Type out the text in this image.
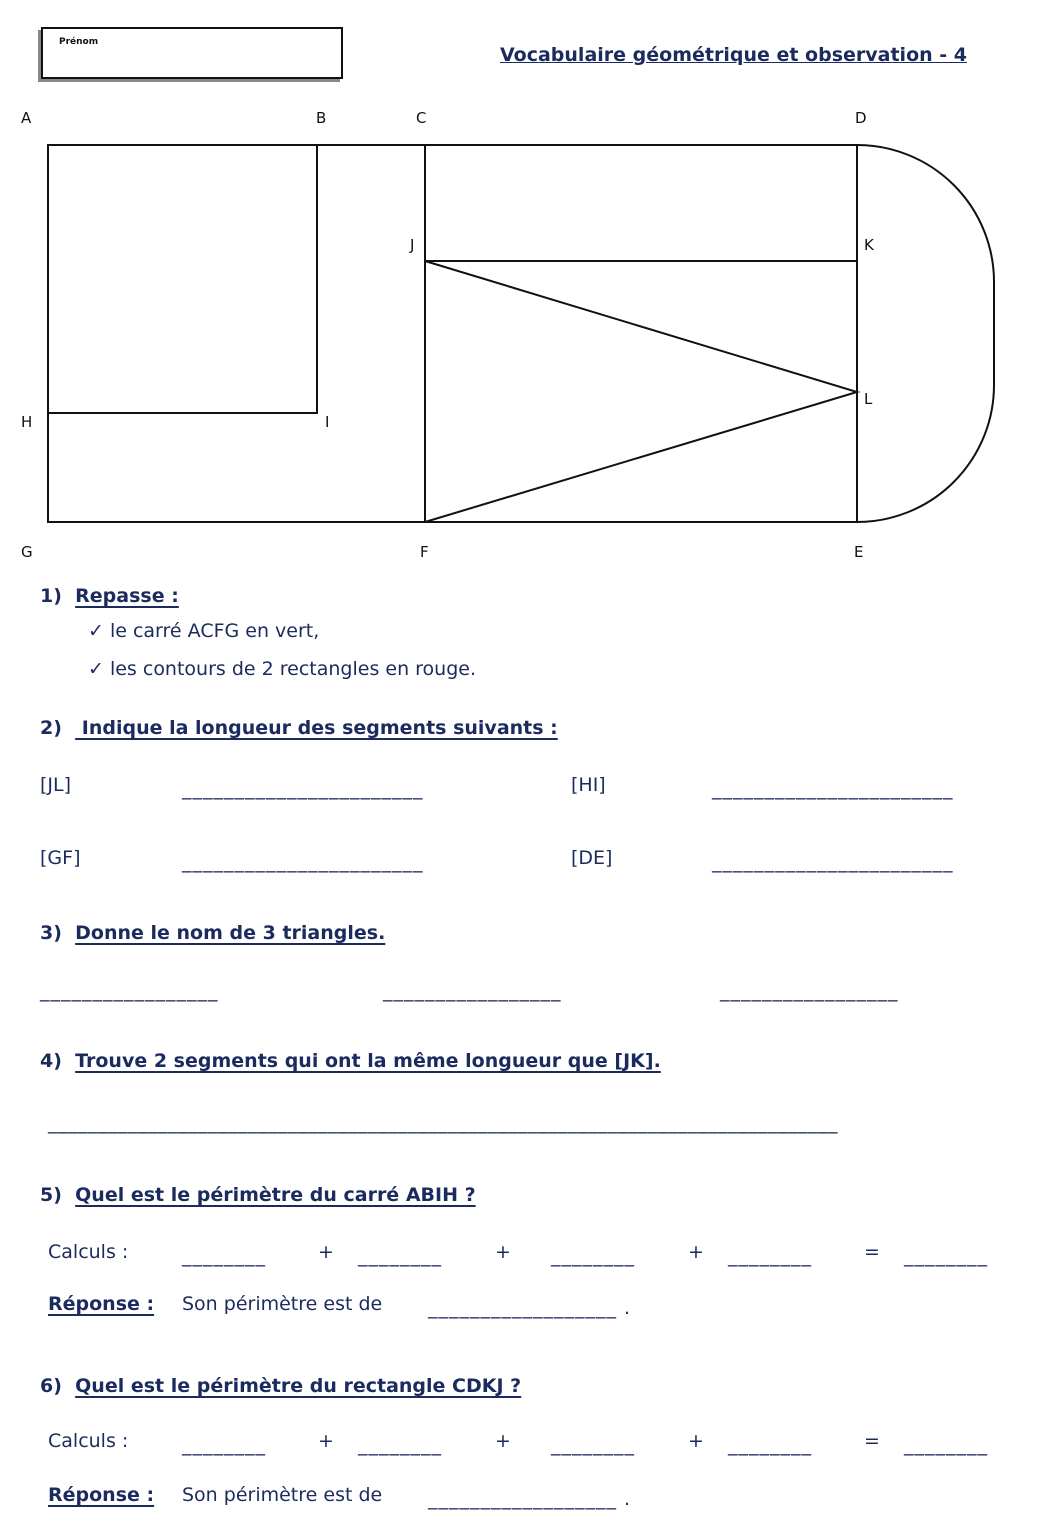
Prénom
Vocabulaire géométrique et observation - 4
A	B	C	D
J	K
L
H	I
G	F	E
1) Repasse :
✓ le carré ACFG en vert,
✓ les contours de 2 rectangles en rouge.
2)   Indique la longueur des segments suivants :
[JL]	_______________________	[HI]	_______________________
[GF]	_______________________	[DE]	_______________________
3) Donne le nom de 3 triangles.
_________________	_________________	_________________
4) Trouve 2 segments qui ont la même longueur que [JK].
_______________________________________________________________________________
5) Quel est le périmètre du carré ABIH ?
Calculs :	________	+ ________	+ ________	+ ________	= ________
Réponse : Son périmètre est de __________________ .
6) Quel est le périmètre du rectangle CDKJ ?
Calculs :	________	+ ________	+ ________	+ ________	= ________
Réponse : Son périmètre est de __________________ .
